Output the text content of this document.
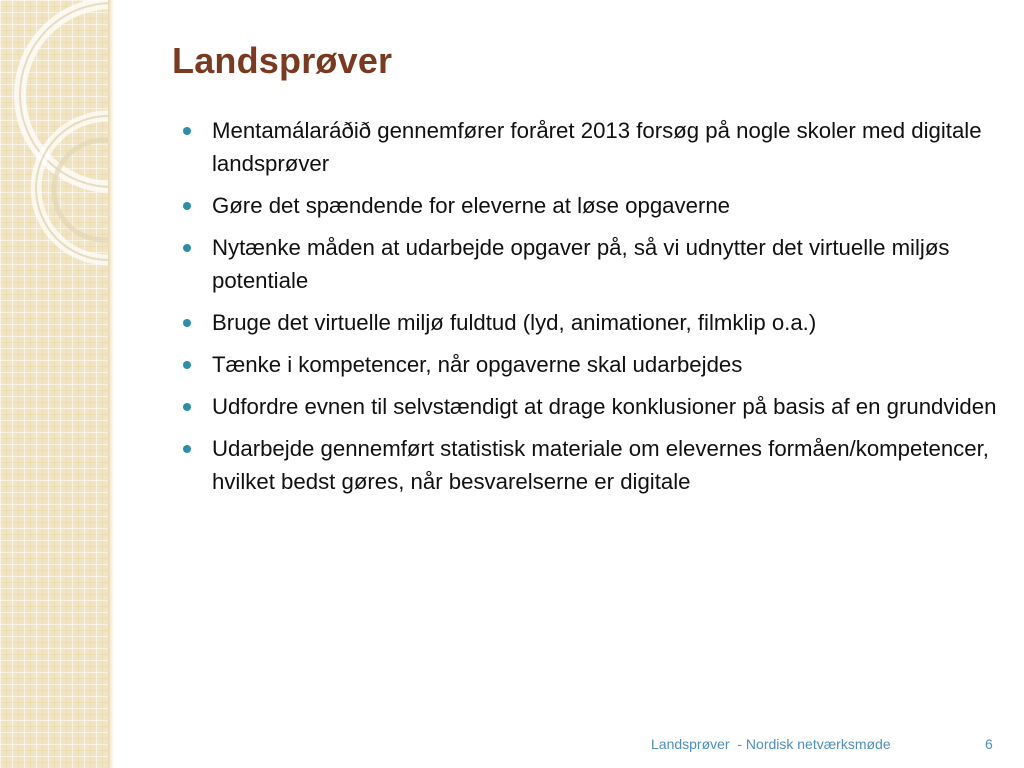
Landsprøver
Mentamálaráðið gennemfører foråret 2013 forsøg på nogle skoler med digitale landsprøver
Gøre det spændende for eleverne at løse opgaverne
Nytænke måden at udarbejde opgaver på, så vi udnytter det virtuelle miljøs potentiale
Bruge det virtuelle miljø fuldtud (lyd, animationer, filmklip o.a.)
Tænke i kompetencer, når opgaverne skal udarbejdes
Udfordre evnen til selvstændigt at drage konklusioner på basis af en grundviden
Udarbejde gennemført statistisk materiale om elevernes formåen/kompetencer, hvilket bedst gøres, når besvarelserne er digitale
Landsprøver  - Nordisk netværksmøde	6
